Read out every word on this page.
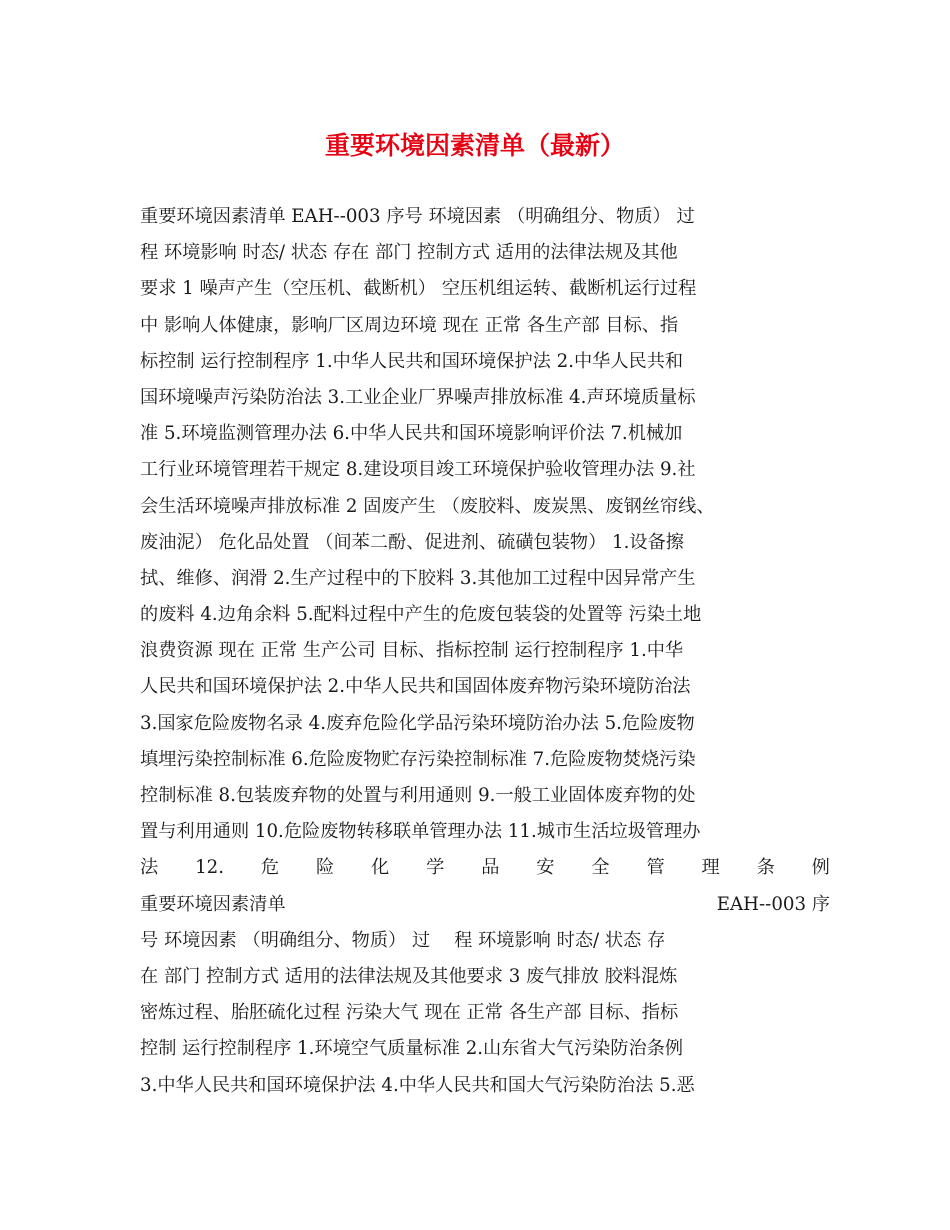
重要环境因素清单（最新）
重要环境因素清单 EAH--003 序号 环境因素 （明确组分、物质） 过
程 环境影响 时态/ 状态 存在 部门 控制方式 适用的法律法规及其他
要求 1 噪声产生（空压机、截断机） 空压机组运转、截断机运行过程
中 影响人体健康，影响厂区周边环境 现在 正常 各生产部 目标、指
标控制 运行控制程序 1.中华人民共和国环境保护法 2.中华人民共和
国环境噪声污染防治法 3.工业企业厂界噪声排放标准 4.声环境质量标
准 5.环境监测管理办法 6.中华人民共和国环境影响评价法 7.机械加
工行业环境管理若干规定 8.建设项目竣工环境保护验收管理办法 9.社
会生活环境噪声排放标准 2 固废产生 （废胶料、废炭黑、废钢丝帘线、
废油泥） 危化品处置 （间苯二酚、促进剂、硫磺包装物） 1.设备擦
拭、维修、润滑 2.生产过程中的下胶料 3.其他加工过程中因异常产生
的废料 4.边角余料 5.配料过程中产生的危废包装袋的处置等 污染土地
浪费资源 现在 正常 生产公司 目标、指标控制 运行控制程序 1.中华
人民共和国环境保护法 2.中华人民共和国固体废弃物污染环境防治法
3.国家危险废物名录 4.废弃危险化学品污染环境防治办法 5.危险废物
填埋污染控制标准 6.危险废物贮存污染控制标准 7.危险废物焚烧污染
控制标准 8.包装废弃物的处置与利用通则 9.一般工业固体废弃物的处
置与利用通则 10.危险废物转移联单管理办法 11.城市生活垃圾管理办
法 12. 危 险 化 学 品 安 全 管 理 条 例
重要环境因素清单	EAH--003 序
号 环境因素 （明确组分、物质） 过　 程 环境影响 时态/ 状态 存
在 部门 控制方式 适用的法律法规及其他要求 3 废气排放 胶料混炼
密炼过程、胎胚硫化过程 污染大气 现在 正常 各生产部 目标、指标
控制 运行控制程序 1.环境空气质量标准 2.山东省大气污染防治条例
3.中华人民共和国环境保护法 4.中华人民共和国大气污染防治法 5.恶
